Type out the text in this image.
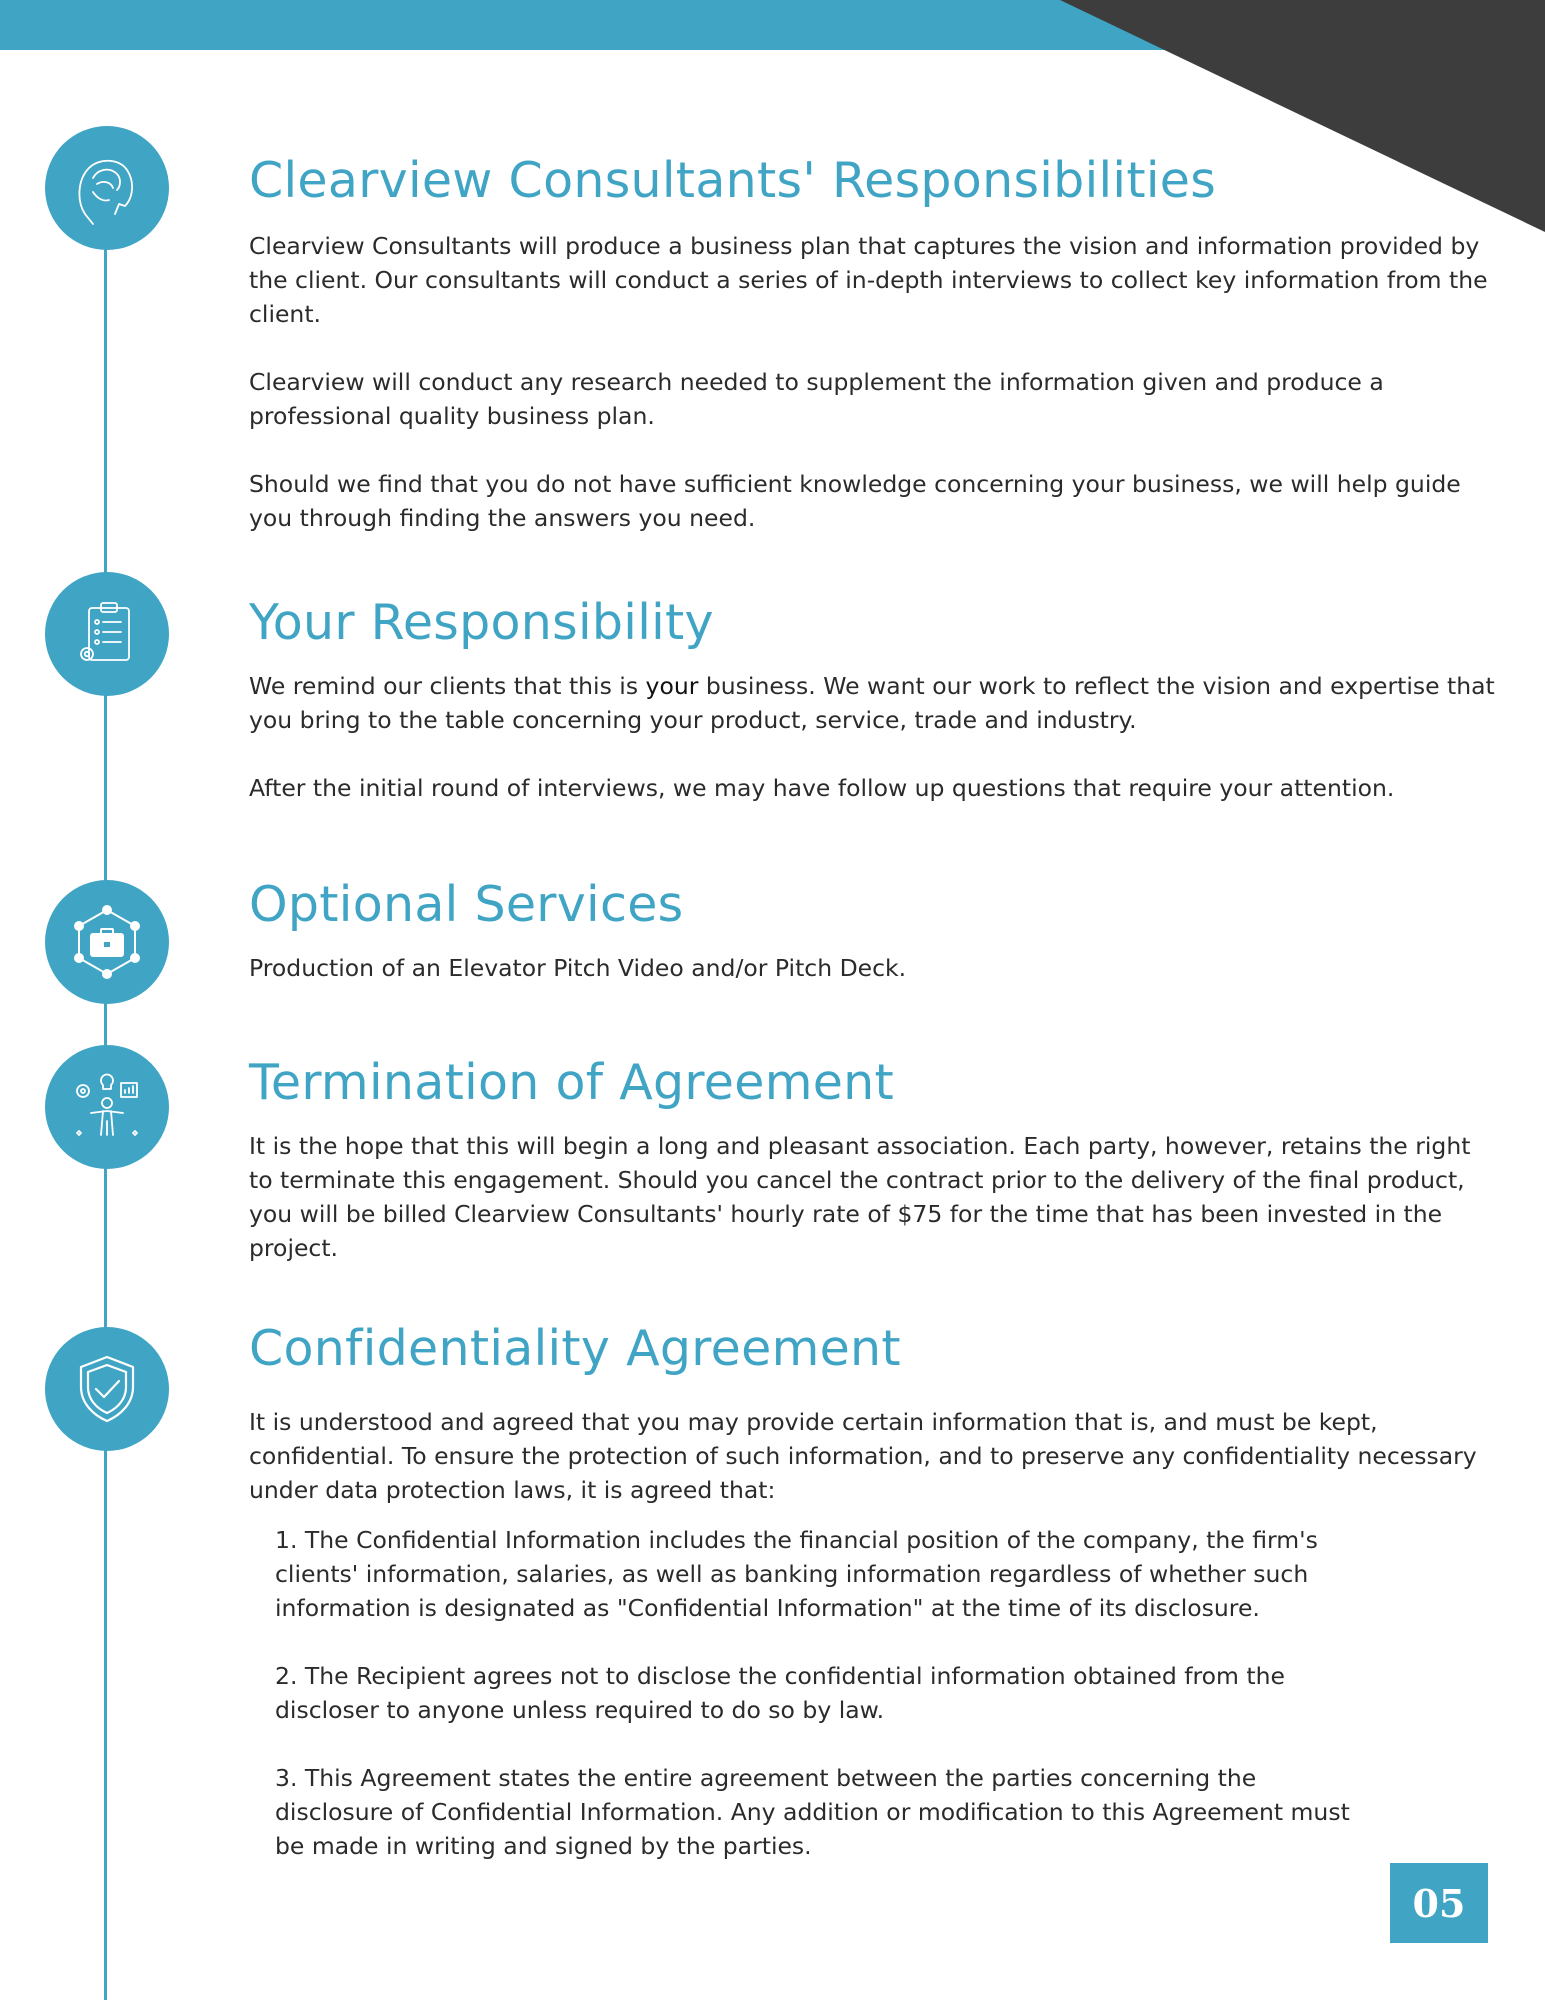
Clearview Consultants' Responsibilities

Clearview Consultants will produce a business plan that captures the vision and information provided by the client. Our consultants will conduct a series of in-depth interviews to collect key information from the client.

Clearview will conduct any research needed to supplement the information given and produce a professional quality business plan.

Should we find that you do not have sufficient knowledge concerning your business, we will help guide you through finding the answers you need.

Your Responsibility

We remind our clients that this is your business. We want our work to reflect the vision and expertise that you bring to the table concerning your product, service, trade and industry.

After the initial round of interviews, we may have follow up questions that require your attention.

Optional Services

Production of an Elevator Pitch Video and/or Pitch Deck.

Termination of Agreement

It is the hope that this will begin a long and pleasant association. Each party, however, retains the right to terminate this engagement. Should you cancel the contract prior to the delivery of the final product, you will be billed Clearview Consultants' hourly rate of $75 for the time that has been invested in the project.

Confidentiality Agreement

It is understood and agreed that you may provide certain information that is, and must be kept, confidential. To ensure the protection of such information, and to preserve any confidentiality necessary under data protection laws, it is agreed that:

1. The Confidential Information includes the financial position of the company, the firm's clients' information, salaries, as well as banking information regardless of whether such information is designated as "Confidential Information" at the time of its disclosure.

2. The Recipient agrees not to disclose the confidential information obtained from the discloser to anyone unless required to do so by law.

3. This Agreement states the entire agreement between the parties concerning the disclosure of Confidential Information. Any addition or modification to this Agreement must be made in writing and signed by the parties.

05
